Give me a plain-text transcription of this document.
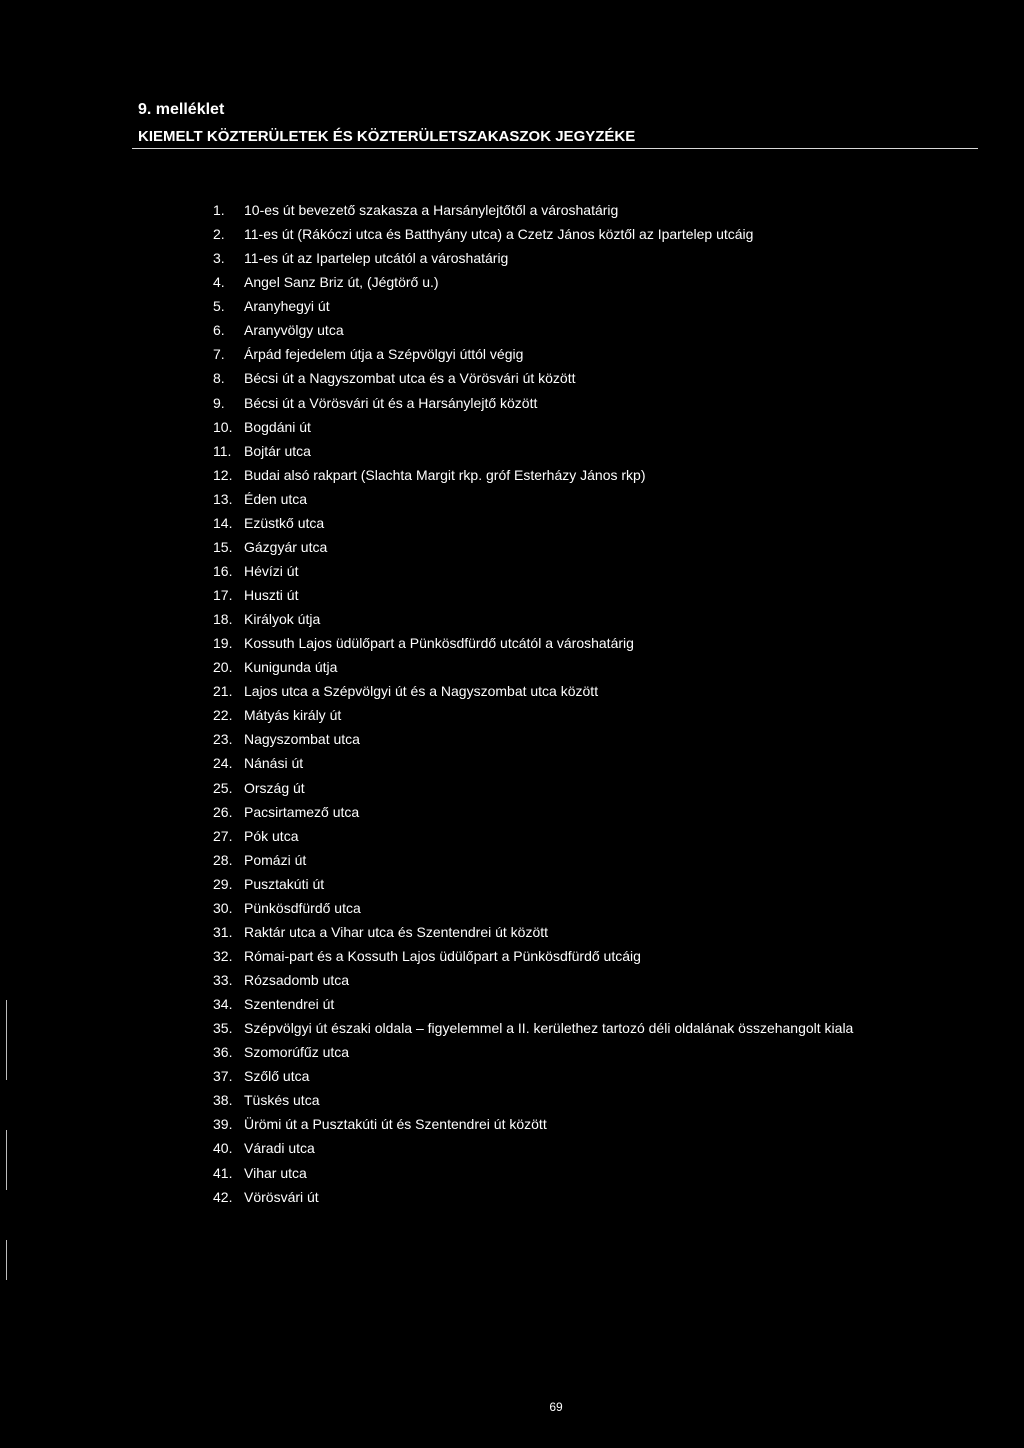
9. melléklet
KIEMELT KÖZTERÜLETEK ÉS KÖZTERÜLETSZAKASZOK JEGYZÉKE
1. 10-es út bevezető szakasza a Harsánylejtőtől a városhatárig
2. 11-es út (Rákóczi utca és Batthyány utca) a Czetz János köztől az Ipartelep utcáig
3. 11-es út az Ipartelep utcától a városhatárig
4. Angel Sanz Briz út, (Jégtörő u.)
5. Aranyhegyi út
6. Aranyvölgy utca
7. Árpád fejedelem útja a Szépvölgyi úttól végig
8. Bécsi út a Nagyszombat utca és a Vörösvári út között
9. Bécsi út a Vörösvári út és a Harsánylejtő között
10. Bogdáni út
11. Bojtár utca
12. Budai alsó rakpart (Slachta Margit rkp. gróf Esterházy János rkp)
13. Éden utca
14. Ezüstkő utca
15. Gázgyár utca
16. Hévízi út
17. Huszti út
18. Királyok útja
19. Kossuth Lajos üdülőpart a Pünkösdfürdő utcától a városhatárig
20. Kunigunda útja
21. Lajos utca a Szépvölgyi út és a Nagyszombat utca között
22. Mátyás király út
23. Nagyszombat utca
24. Nánási út
25. Ország út
26. Pacsirtamező utca
27. Pók utca
28. Pomázi út
29. Pusztakúti út
30. Pünkösdfürdő utca
31. Raktár utca a Vihar utca és Szentendrei út között
32. Római-part és a Kossuth Lajos üdülőpart a Pünkösdfürdő utcáig
33. Rózsadomb utca
34. Szentendrei út
35. Szépvölgyi út északi oldala – figyelemmel a II. kerülethez tartozó déli oldalának összehangolt kiala
36. Szomorúfűz utca
37. Szőlő utca
38. Tüskés utca
39. Ürömi út a Pusztakúti út és Szentendrei út között
40. Váradi utca
41. Vihar utca
42. Vörösvári út
69
